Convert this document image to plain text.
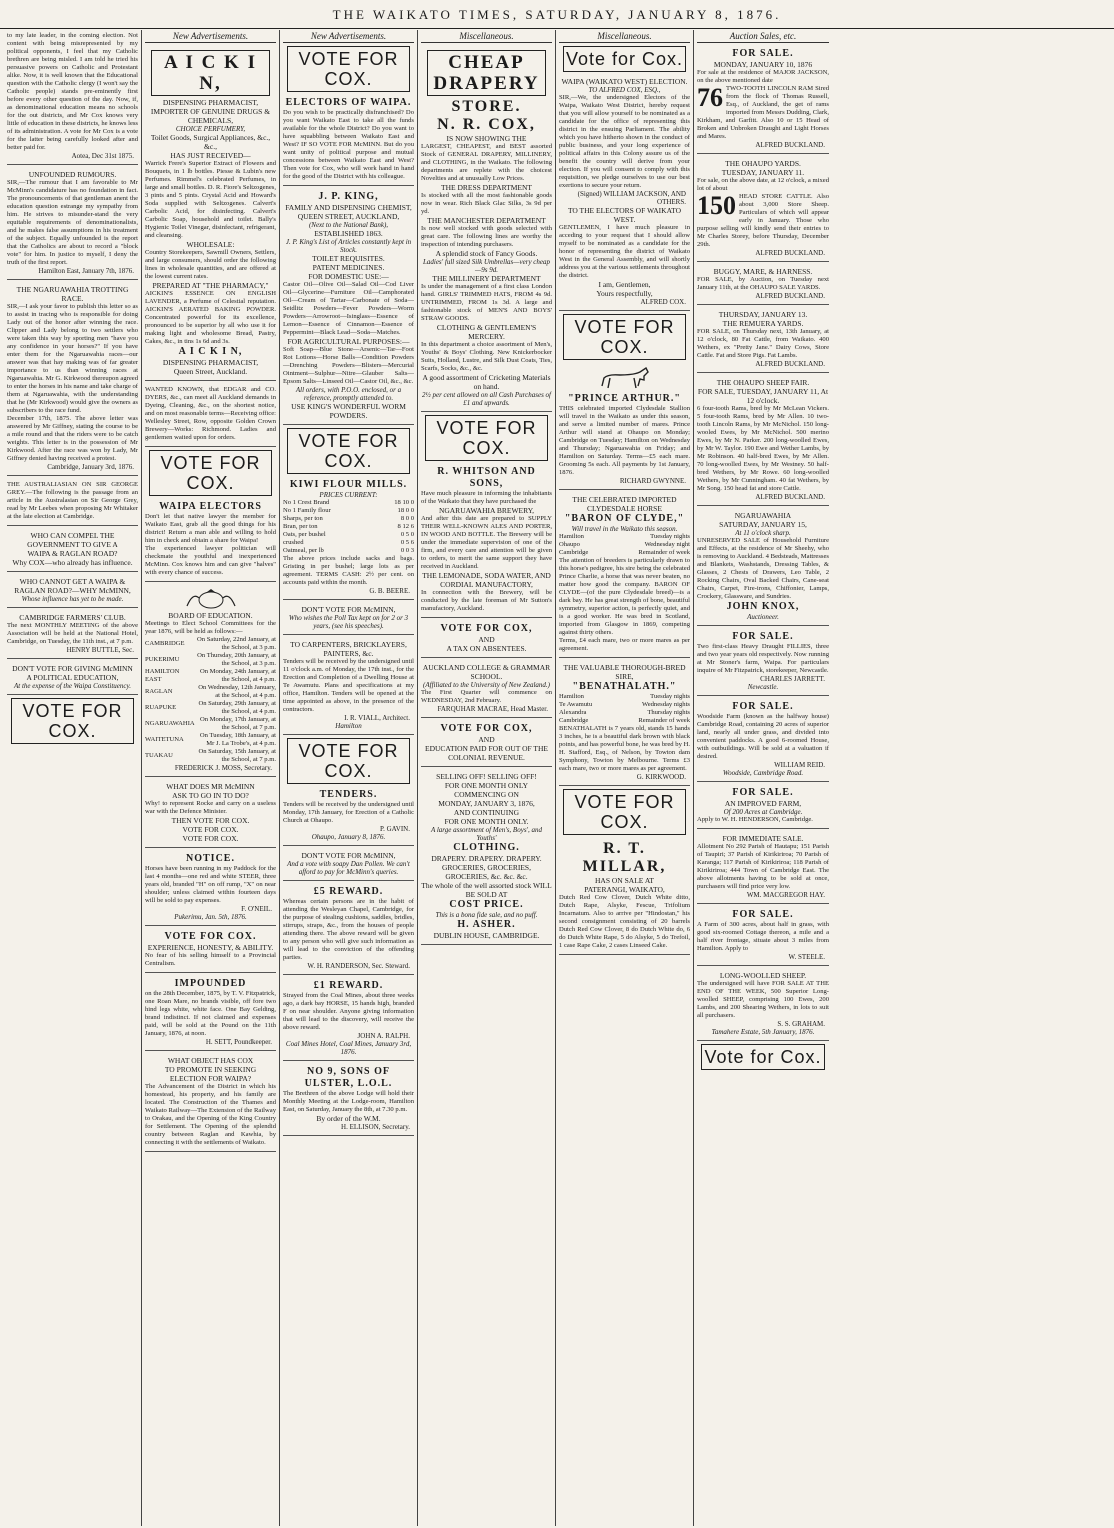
THE WAIKATO TIMES, SATURDAY, JANUARY 8, 1876.
to my late leader, in the coming election. Not content with being misrepresented by my political opponents, I feel that my Catholic brethren are being misled. I am told he tried his persuasive powers on Catholic and Protestant alike. Now, it is well known that the Educational question with the Catholic clergy (I won't say the Catholic people) stands pre-eminently first before every other question of the day. Now, if, as denominational education means no schools for the out districts, and Mr Cox knows very little of education in these districts, he knows less of its administration. A vote for Mr Cox is a vote for the latter being carefully looked after and better paid for.
Aotea, Dec 31st 1875.
UNFOUNDED RUMOURS.
SIR,—The rumour that I am favorable to Mr McMinn's candidature has no foundation in fact. The pronouncements of that gentleman anent the education question estrange my sympathy from him. He strives to misunder-stand the very equitable requirements of denominationalists, and he makes false assumptions in his treatment of the subject. Equally unfounded is the report that the Catholics are about to record a "block vote" for him. In justice to myself, I deny the truth of the first report.
Hamilton East, January 7th, 1876.
THE NGARUAWAHIA TROTTING RACE.
SIR,—I ask your favor to publish this letter so as to assist in tracing who is responsible for doing Lady out of the honor after winning the race. Clipper and Lady belong to two settlers who were taken this way by sporting men "have you any confidence in your horses?" If you have enter them for the Ngaruawahia races—our answer was that hay making was of far greater importance to us than winning races at Ngaruawahia. Mr G. Kirkwood thereupon agreed to enter the horses in his name and take charge of them at Ngaruawahia, with the understanding that he (Mr Kirkwood) would give the owners as subscribers to the race fund.
December 17th, 1875. The above letter was answered by Mr Giffney, stating the course to be a mile round and that the riders were to be catch weights. This letter is in the possession of Mr Kirkwood. After the race was won by Lady, Mr Giffney denied having received a protest.
Cambridge, January 3rd, 1876.
THE AUSTRALIASIAN ON SIR GEORGE GREY.—The following is the passage from an article in the Australasian on Sir George Grey, read by Mr Leebes when proposing Mr Whitaker at the late election at Cambridge.
WHO CAN COMPEL THE
GOVERNMENT TO GIVE A
WAIPA & RAGLAN ROAD?
Why COX—who already has influence.
WHO CANNOT GET A WAIPA & RAGLAN ROAD?—WHY McMINN,
Whose influence has yet to be made.
CAMBRIDGE FARMERS' CLUB.
The next MONTHLY MEETING of the above Association will be held at the National Hotel, Cambridge, on Tuesday, the 11th inst., at 7 p.m.
HENRY BUTTLE, Sec.
DON'T VOTE FOR GIVING McMINN
A POLITICAL EDUCATION,
At the expense of the Waipa Constituency.
VOTE FOR COX.
New Advertisements.
A I C K I N,
DISPENSING PHARMACIST,
IMPORTER OF GENUINE DRUGS & CHEMICALS,
CHOICE PERFUMERY,
Toilet Goods, Surgical Appliances, &c., &c.,
HAS JUST RECEIVED—
Warrick Frere's Superior Extract of Flowers and Bouquets, in 1 lb bottles. Piesse & Lubin's new Perfumes. Rimmel's celebrated Perfumes, in large and small bottles. D. R. Fiore's Seltzogenes, 3 pints and 5 pints. Crystal Acid and Howard's Soda supplied with Seltzogenes. Calvert's Carbolic Acid, for disinfecting. Calvert's Carbolic Soap, household and toilet. Bally's Hygienic Toilet Vinegar, disinfectant, refrigerant, and cleansing.
WHOLESALE:
Country Storekeepers, Sawmill Owners, Settlers, and large consumers, should order the following lines in wholesale quantities, and are offered at the lowest current rates.
PREPARED AT "THE PHARMACY,"
AICKIN'S ESSENCE ON ENGLISH LAVENDER, a Perfume of Celestial reputation. AICKIN'S AERATED BAKING POWDER. Concentrated powerful for its excellence, pronounced to be superior by all who use it for making light and wholesome Bread, Pastry, Cakes, &c., in tins 1s 6d and 3s.
A I C K I N,
DISPENSING PHARMACIST,
Queen Street, Auckland.
WANTED KNOWN, that EDGAR and CO. DYERS, &c., can meet all Auckland demands in Dyeing, Cleaning, &c., on the shortest notice, and on most reasonable terms—Receiving office: Wellesley Street, Row, opposite Golden Crown Brewery—Works: Richmond. Ladies and gentlemen waited upon for orders.
VOTE FOR COX.
WAIPA ELECTORS
Don't let that native lawyer the member for Waikato East, grab all the good things for his district! Return a man able and willing to hold him in check and obtain a share for Waipa!
The experienced lawyer politician will checkmate the youthful and inexperienced McMinn. Cox knows him and can give "halves" with every chance of success.
BOARD OF EDUCATION.
Meetings to Elect School Committees for the year 1876, will be held as follows:—
CAMBRIDGE	On Saturday, 22nd January, at the School, at 3 p.m.
PUKERIMU	On Thursday, 20th January, at the School, at 3 p.m.
HAMILTON EAST	On Monday, 24th January, at the School, at 4 p.m.
RAGLAN	On Wednesday, 12th January, at the School, at 4 p.m.
RUAPUKE	On Saturday, 29th January, at the School, at 4 p.m.
NGARUAWAHIA	On Monday, 17th January, at the School, at 7 p.m.
WAITETUNA	On Tuesday, 18th January, at Mr J. La Trobe's, at 4 p.m.
TUAKAU	On Saturday, 15th January, at the School, at 7 p.m.
FREDERICK J. MOSS, Secretary.
WHAT DOES MR McMINN
ASK TO GO IN TO DO?
Why! to represent Rocke and carry on a useless war with the Defence Minister.
THEN VOTE FOR COX.
VOTE FOR COX.
VOTE FOR COX.
NOTICE.
Horses have been running in my Paddock for the last 4 months—one red and white STEER, three years old, branded "H" on off rump, "X" on near shoulder; unless claimed within fourteen days will be sold to pay expenses.
F. O'NEIL.
Pukerimu, Jan. 5th, 1876.
VOTE FOR COX.
EXPERIENCE, HONESTY, & ABILITY.
No fear of his selling himself to a Provincial Centralism.
IMPOUNDED
on the 28th December, 1875, by T. V. Fitzpatrick, one Roan Mare, no brands visible, off fore two hind legs white, white face. One Bay Gelding, brand indistinct. If not claimed and expenses paid, will be sold at the Pound on the 11th January, 1876, at noon.
H. SETT, Poundkeeper.
WHAT OBJECT HAS COX
TO PROMOTE IN SEEKING
ELECTION FOR WAIPA?
The Advancement of the District in which his homestead, his property, and his family are located. The Construction of the Thames and Waikato Railway—The Extension of the Railway to Orakau, and the Opening of the King Country for Settlement. The Opening of the splendid country between Raglan and Kawhia, by connecting it with the settlements of Waikato.
New Advertisements.
VOTE FOR COX.
ELECTORS OF WAIPA.
Do you wish to be practically disfranchised? Do you want Waikato East to take all the funds available for the whole District? Do you want to have squabbling between Waikato East and West? IF SO VOTE FOR McMINN. But do you want unity of political purpose and mutual concessions between Waikato East and West? Then vote for Cox, who will work hand in hand for the good of the District with his colleague.
J. P. KING,
FAMILY AND DISPENSING CHEMIST,
QUEEN STREET, AUCKLAND,
(Next to the National Bank),
ESTABLISHED 1863.
J. P. King's List of Articles constantly kept in Stock.
TOILET REQUISITES.
PATENT MEDICINES.
FOR DOMESTIC USE:—
Castor Oil—Olive Oil—Salad Oil—Cod Liver Oil—Glycerine—Furniture Oil—Camphorated Oil—Cream of Tartar—Carbonate of Soda—Seidlitz Powders—Fever Powders—Worm Powders—Arrowroot—Isinglass—Essence of Lemon—Essence of Cinnamon—Essence of Peppermint—Black Lead—Soda—Matches.
FOR AGRICULTURAL PURPOSES:—
Soft Soap—Blue Stone—Arsenic—Tar—Foot Rot Lotions—Horse Balls—Condition Powders—Drenching Powders—Blisters—Mercurial Ointment—Sulphur—Nitre—Glauber Salts—Epsom Salts—Linseed Oil—Castor Oil, &c., &c.
All orders, with P.O.O. enclosed, or a reference, promptly attended to.
USE KING'S WONDERFUL WORM POWDERS.
VOTE FOR COX.
KIWI FLOUR MILLS.
PRICES CURRENT:
No 1 Crest Brand	18 10 0
No 1 Family flour	18 0 0
Sharps, per ton	8 0 0
Bran, per ton	8 12 6
Oats, per bushel	0 5 0
crushed	0 5 6
Oatmeal, per lb	0 0 3
The above prices include sacks and bags. Gristing in per bushel; large lots as per agreement. TERMS CASH: 2½ per cent. on accounts paid within the month.
G. B. BEERE.
DON'T VOTE FOR McMINN,
Who wishes the Poll Tax kept on for 2 or 3 years, (see his speeches).
TO CARPENTERS, BRICKLAYERS, PAINTERS, &c.
Tenders will be received by the undersigned until 11 o'clock a.m. of Monday, the 17th inst., for the Erection and Completion of a Dwelling House at Te Awamutu. Plans and specifications at my office, Hamilton. Tenders will be opened at the time appointed as above, in the presence of the contractors.
I. R. VIALL, Architect.
Hamilton
VOTE FOR COX.
TENDERS.
Tenders will be received by the undersigned until Monday, 17th January, for Erection of a Catholic Church at Ohaupo.
P. GAVIN.
Ohaupo, January 8, 1876.
DON'T VOTE FOR McMINN,
And a vote with soapy Dan Pollen. We can't afford to pay for McMinn's queries.
£5 REWARD.
Whereas certain persons are in the habit of attending the Wesleyan Chapel, Cambridge, for the purpose of stealing cushions, saddles, bridles, stirrups, straps, &c., from the houses of people attending there. The above reward will be given to any person who will give such information as will lead to the conviction of the offending parties.
W. H. RANDERSON, Sec. Steward.
£1 REWARD.
Strayed from the Coal Mines, about three weeks ago, a dark bay HORSE, 15 hands high, branded F on near shoulder. Anyone giving information that will lead to the discovery, will receive the above reward.
JOHN A. RALPH.
Coal Mines Hotel, Coal Mines, January 3rd, 1876.
NO 9, SONS OF ULSTER, L.O.L.
The Brethren of the above Lodge will hold their Monthly Meeting at the Lodge-room, Hamilton East, on Saturday, January the 8th, at 7.30 p.m.
By order of the W.M.
H. ELLISON, Secretary.
Miscellaneous.
CHEAP DRAPERY
STORE.
N. R. COX,
IS NOW SHOWING THE
LARGEST, CHEAPEST, and BEST assorted Stock of GENERAL DRAPERY, MILLINERY, and CLOTHING, in the Waikato. The following departments are replete with the choicest Novelties and at unusually Low Prices.
THE DRESS DEPARTMENT
Is stocked with all the most fashionable goods now in wear. Rich Black Glac Silks, 3s 9d per yd.
THE MANCHESTER DEPARTMENT
Is now well stocked with goods selected with great care. The following lines are worthy the inspection of intending purchasers.
A splendid stock of Fancy Goods.
Ladies' full sized Silk Umbrellas—very cheap—9s 9d.
THE MILLINERY DEPARTMENT
Is under the management of a first class London hand. GIRLS' TRIMMED HATS, FROM 4s 9d. UNTRIMMED, FROM 1s 3d. A large and fashionable stock of MEN'S AND BOYS' STRAW GOODS.
CLOTHING & GENTLEMEN'S MERCERY.
In this department a choice assortment of Men's, Youths' & Boys' Clothing. New Knickerbocker Suits, Holland, Lustre, and Silk Dust Coats, Ties, Scarfs, Socks, &c., &c.
A good assortment of Cricketing Materials on hand.
2½ per cent allowed on all Cash Purchases of £1 and upwards.
VOTE FOR COX.
R. WHITSON AND SONS,
Have much pleasure in informing the inhabitants of the Waikato that they have purchased the
NGARUAWAHIA BREWERY,
And after this date are prepared to SUPPLY THEIR WELL-KNOWN ALES AND PORTER, IN WOOD AND BOTTLE. The Brewery will be under the immediate supervision of one of the firm, and every care and attention will be given to orders, to merit the same support they have received in Auckland.
THE LEMONADE, SODA WATER, AND CORDIAL MANUFACTORY,
In connection with the Brewery, will be conducted by the late foreman of Mr Sutton's manufactory, Auckland.
VOTE FOR COX,
AND
A TAX ON ABSENTEES.
AUCKLAND COLLEGE & GRAMMAR SCHOOL.
(Affiliated to the University of New Zealand.)
The First Quarter will commence on WEDNESDAY, 2nd February.
FARQUHAR MACRAE, Head Master.
VOTE FOR COX,
AND
EDUCATION PAID FOR OUT OF THE COLONIAL REVENUE.
SELLING OFF! SELLING OFF!
FOR ONE MONTH ONLY
COMMENCING ON
MONDAY, JANUARY 3, 1876,
AND CONTINUING
FOR ONE MONTH ONLY.
A large assortment of Men's, Boys', and Youths'
CLOTHING.
DRAPERY. DRAPERY. DRAPERY. GROCERIES, GROCERIES, GROCERIES, &c. &c. &c.
The whole of the well assorted stock WILL BE SOLD AT
COST PRICE.
This is a bona fide sale, and no puff.
H. ASHER.
DUBLIN HOUSE, CAMBRIDGE.
Miscellaneous.
Vote for Cox.
WAIPA (WAIKATO WEST) ELECTION.
TO ALFRED COX, ESQ.,
SIR,—We, the undersigned Electors of the Waipa, Waikato West District, hereby request that you will allow yourself to be nominated as a candidate for the office of representing this district in the ensuing Parliament. The ability which you have hitherto shown in the conduct of public business, and your long experience of political affairs in this Colony assure us of the benefit the country will derive from your election. If you will consent to comply with this requisition, we pledge ourselves to use our best exertions to secure your return.
(Signed) WILLIAM JACKSON, AND OTHERS.
TO THE ELECTORS OF WAIKATO WEST.
GENTLEMEN, I have much pleasure in acceding to your request that I should allow myself to be nominated as a candidate for the honor of representing the district of Waikato West in the General Assembly, and will shortly address you at the various settlements throughout the district.
I am, Gentlemen,
Yours respectfully,
ALFRED COX.
VOTE FOR COX.
"PRINCE ARTHUR."
THIS celebrated imported Clydesdale Stallion will travel in the Waikato as under this season, and serve a limited number of mares. Prince Arthur will stand at Ohaupo on Monday; Cambridge on Tuesday; Hamilton on Wednesday and Thursday; Ngaruawahia on Friday; and Hamilton on Saturday. Terms—£5 each mare. Grooming 5s each. All payments by 1st January, 1876.
RICHARD GWYNNE.
THE CELEBRATED IMPORTED CLYDESDALE HORSE
"BARON OF CLYDE,"
Will travel in the Waikato this season.
Hamilton	Tuesday nights
Ohaupo	Wednesday night
Cambridge	Remainder of week
The attention of breeders is particularly drawn to this horse's pedigree, his sire being the celebrated Prince Charlie, a horse that was never beaten, no matter how good the company. BARON OF CLYDE—(of the pure Clydesdale breed)—is a dark bay. He has great strength of bone, beautiful symmetry, superior action, is perfectly quiet, and is a good worker. He was bred in Scotland, imported from Glasgow in 1869, competing against thirty others.
Terms, £4 each mare, two or more mares as per agreement.
THE VALUABLE THOROUGH-BRED SIRE,
"BENATHALATH."
Hamilton	Tuesday nights
Te Awamutu	Wednesday nights
Alexandra	Thursday nights
Cambridge	Remainder of week
BENATHALATH is 7 years old, stands 15 hands 3 inches, he is a beautiful dark brown with black points, and has powerful bone, he was bred by H. H. Stafford, Esq., of Nelson, by Towton dam Symphony, Towton by Melbourne. Terms £3 each mare, two or more mares as per agreement.
G. KIRKWOOD.
VOTE FOR COX.
R. T. MILLAR,
HAS ON SALE AT
PATERANGI, WAIKATO,
Dutch Red Cow Clover, Dutch White ditto, Dutch Rape, Alsyke, Fescue, Trifolium Incarnatum. Also to arrive per "Hindostan," his second consignment consisting of 20 barrels Dutch Red Cow Clover, 8 do Dutch White do, 6 do Dutch White Rape, 5 do Alsyke, 5 do Trefoil, 1 case Rape Cake, 2 cases Linseed Cake.
Auction Sales, etc.
FOR SALE.
MONDAY, JANUARY 10, 1876
For sale at the residence of MAJOR JACKSON, on the above mentioned date
76 TWO-TOOTH LINCOLN RAM Sired from the flock of Thomas Russell, Esq., of Auckland, the get of rams imported from Messrs Dudding, Clark, Kirkham, and Garfitt. Also 10 or 15 Head of Broken and Unbroken Draught and Light Horses and Mares.
ALFRED BUCKLAND.
THE OHAUPO YARDS.
TUESDAY, JANUARY 11.
For sale, on the above date, at 12 o'clock, a mixed lot of about
150 HEAD STORE CATTLE. Also about 3,000 Store Sheep. Particulars of which will appear early in January. Those who purpose selling will kindly send their entries to Mr Charles Storey, before Thursday, December 29th.
ALFRED BUCKLAND.
BUGGY, MARE, & HARNESS.
FOR SALE, by Auction, on Tuesday next January 11th, at the OHAUPO SALE YARDS.
ALFRED BUCKLAND.
THURSDAY, JANUARY 13.
THE REMUERA YARDS.
FOR SALE, on Thursday next, 13th January, at 12 o'clock, 80 Fat Cattle, from Waikato. 400 Wethers, ex "Pretty Jane." Dairy Cows, Store Cattle. Fat and Store Pigs. Fat Lambs.
ALFRED BUCKLAND.
THE OHAUPO SHEEP FAIR.
FOR SALE, TUESDAY, JANUARY 11, At 12 o'clock.
6 four-tooth Rams, bred by Mr McLean Vickers. 5 four-tooth Rams, bred by Mr Allen. 10 two-tooth Lincoln Rams, by Mr McNichol. 150 long-wooled Ewes, by Mr McNichol. 500 merino Ewes, by Mr N. Parker. 200 long-woolled Ewes, by Mr W. Taylor. 190 Ewe and Wether Lambs, by Mr Robinson. 40 half-bred Ewes, by Mr Allen. 70 long-woolled Ewes, by Mr Westney. 50 half-bred Wethers, by Mr Rowe. 60 long-woolled Wethers, by Mr Cunningham. 40 fat Wethers, by Mr Song. 150 head fat and store Cattle.
ALFRED BUCKLAND.
NGARUAWAHIA
SATURDAY, JANUARY 15,
At 11 o'clock sharp.
UNRESERVED SALE of Household Furniture and Effects, at the residence of Mr Sheehy, who is removing to Auckland. 4 Bedsteads, Mattresses and Blankets, Washstands, Dressing Tables, & Glasses, 2 Chests of Drawers, Leo Table, 2 Rocking Chairs, Oval Backed Chairs, Cane-seat Chairs, Carpet, Fire-irons, Chiffonier, Lamps, Crockery, Glassware, and Sundries.
JOHN KNOX,
Auctioneer.
FOR SALE.
Two first-class Heavy Draught FILLIES, three and two year years old respectively. Now running at Mr Stoner's farm, Waipa. For particulars inquire of Mr Fitzpatrick, storekeeper, Newcastle.
CHARLES JARRETT.
Newcastle.
FOR SALE.
Woodside Farm (known as the halfway house) Cambridge Road, containing 20 acres of superior land, nearly all under grass, and divided into convenient paddocks. A good 6-roomed House, with outbuildings. Will be sold at a valuation if desired.
WILLIAM REID.
Woodside, Cambridge Road.
FOR SALE.
AN IMPROVED FARM,
Of 200 Acres at Cambridge.
Apply to W. H. HENDERSON, Cambridge.
FOR IMMEDIATE SALE.
Allotment No 292 Parish of Hautapu; 151 Parish of Taupiri; 37 Parish of Kirikiriroa; 70 Parish of Karanga; 117 Parish of Kirikiriroa; 118 Parish of Kirikiriroa; 444 Town of Cambridge East. The above allotments having to be sold at once, purchasers will find price very low.
WM. MACGREGOR HAY.
FOR SALE.
A Farm of 300 acres, about half in grass, with good six-roomed Cottage thereon, a mile and a half river frontage, situate about 3 miles from Hamilton. Apply to
W. STEELE.
LONG-WOOLLED SHEEP.
The undersigned will have FOR SALE AT THE END OF THE WEEK, 500 Superior Long-woolled SHEEP, comprising 100 Ewes, 200 Lambs, and 200 Shearing Wethers, in lots to suit all purchasers.
S. S. GRAHAM.
Tamahere Estate, 5th January, 1876.
Vote for Cox.
